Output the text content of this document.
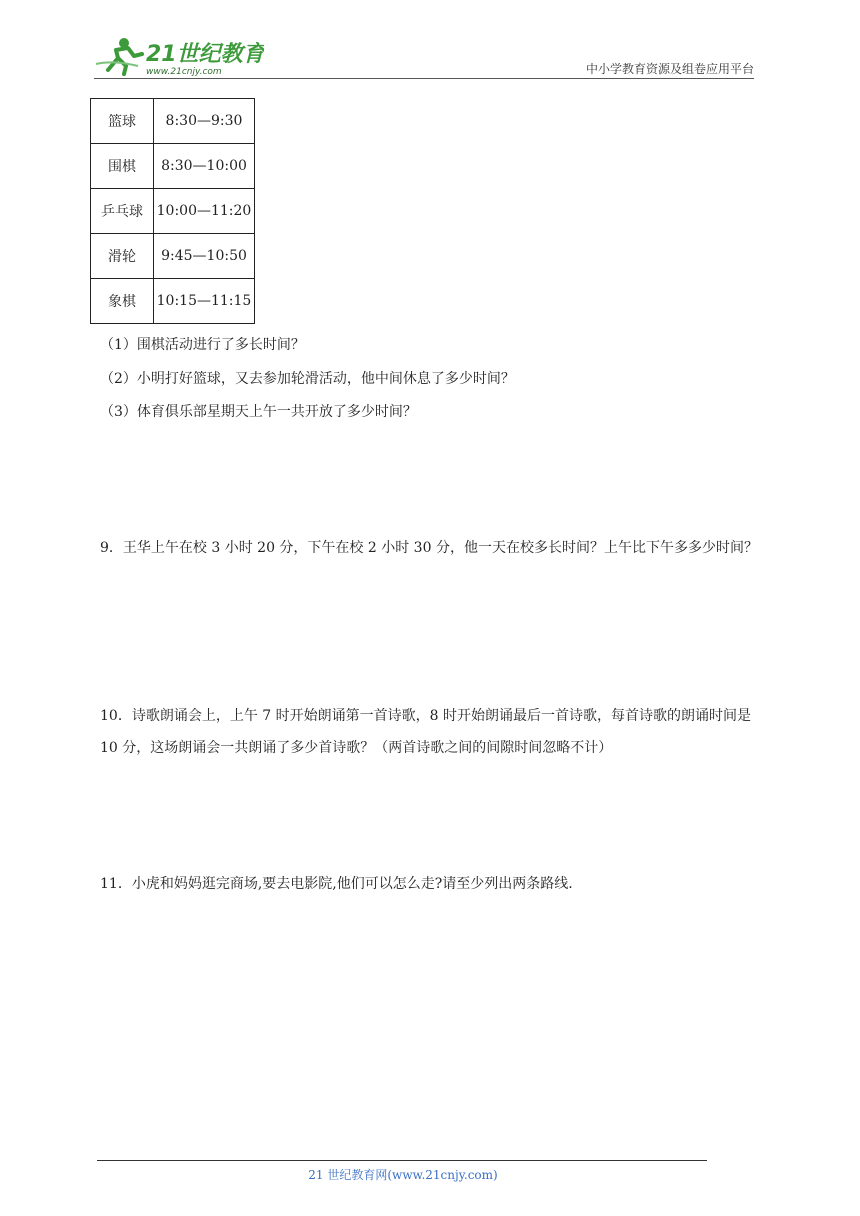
21世纪教育
www.21cnjy.com	中小学教育资源及组卷应用平台
篮球	8:30—9:30
围棋	8:30—10:00
乒乓球	10:00—11:20
滑轮	9:45—10:50
象棋	10:15—11:15
（1）围棋活动进行了多长时间？
（2）小明打好篮球，又去参加轮滑活动，他中间休息了多少时间？
（3）体育俱乐部星期天上午一共开放了多少时间？
9．王华上午在校 3 小时 20 分，下午在校 2 小时 30 分，他一天在校多长时间？上午比下午多多少时间？
10．诗歌朗诵会上，上午 7 时开始朗诵第一首诗歌，8 时开始朗诵最后一首诗歌，每首诗歌的朗诵时间是 10 分，这场朗诵会一共朗诵了多少首诗歌？（两首诗歌之间的间隙时间忽略不计）
11．小虎和妈妈逛完商场,要去电影院,他们可以怎么走?请至少列出两条路线.
21 世纪教育网(www.21cnjy.com)
